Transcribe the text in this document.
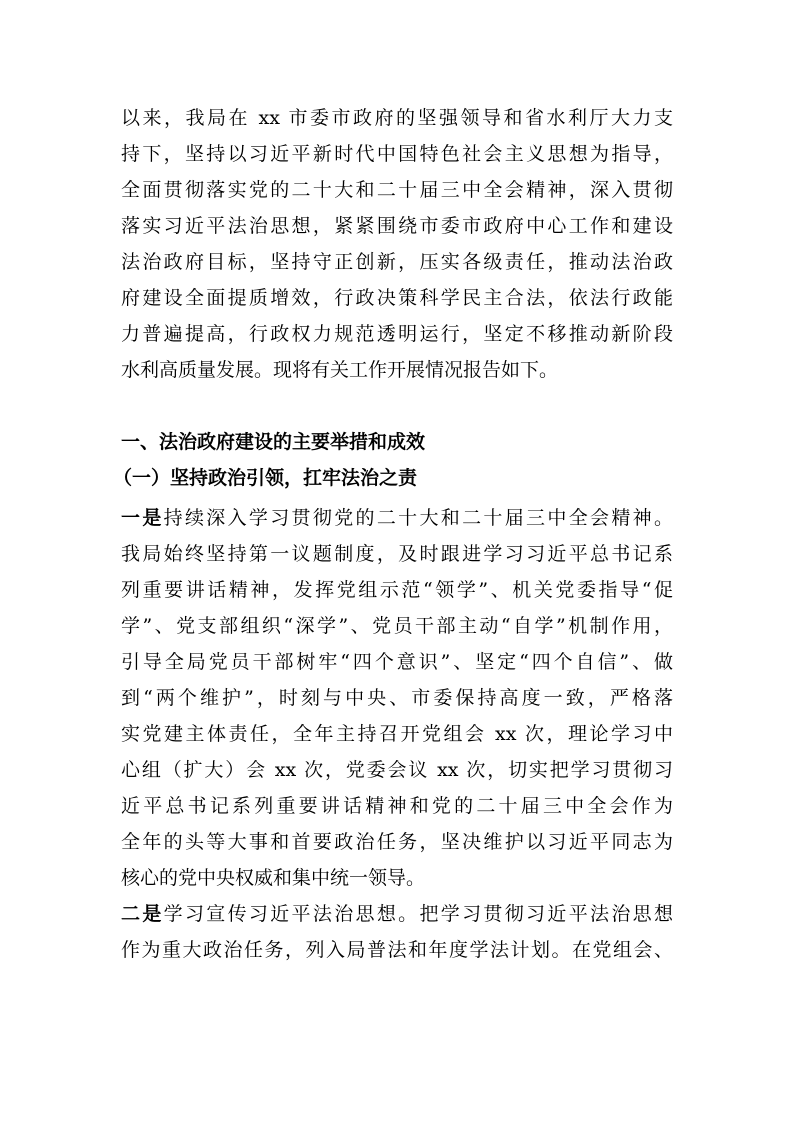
以来，我局在 xx 市委市政府的坚强领导和省水利厅大力支
持下，坚持以习近平新时代中国特色社会主义思想为指导，
全面贯彻落实党的二十大和二十届三中全会精神，深入贯彻
落实习近平法治思想，紧紧围绕市委市政府中心工作和建设
法治政府目标，坚持守正创新，压实各级责任，推动法治政
府建设全面提质增效，行政决策科学民主合法，依法行政能
力普遍提高，行政权力规范透明运行，坚定不移推动新阶段
水利高质量发展。现将有关工作开展情况报告如下。
一、法治政府建设的主要举措和成效
（一）坚持政治引领，扛牢法治之责
一是持续深入学习贯彻党的二十大和二十届三中全会精神。
我局始终坚持第一议题制度，及时跟进学习习近平总书记系
列重要讲话精神，发挥党组示范“领学”、机关党委指导“促
学”、党支部组织“深学”、党员干部主动“自学”机制作用，
引导全局党员干部树牢“四个意识”、坚定“四个自信”、做
到“两个维护”，时刻与中央、市委保持高度一致，严格落
实党建主体责任，全年主持召开党组会 xx 次，理论学习中
心组（扩大）会 xx 次，党委会议 xx 次，切实把学习贯彻习
近平总书记系列重要讲话精神和党的二十届三中全会作为
全年的头等大事和首要政治任务，坚决维护以习近平同志为
核心的党中央权威和集中统一领导。
二是学习宣传习近平法治思想。把学习贯彻习近平法治思想
作为重大政治任务，列入局普法和年度学法计划。在党组会、
